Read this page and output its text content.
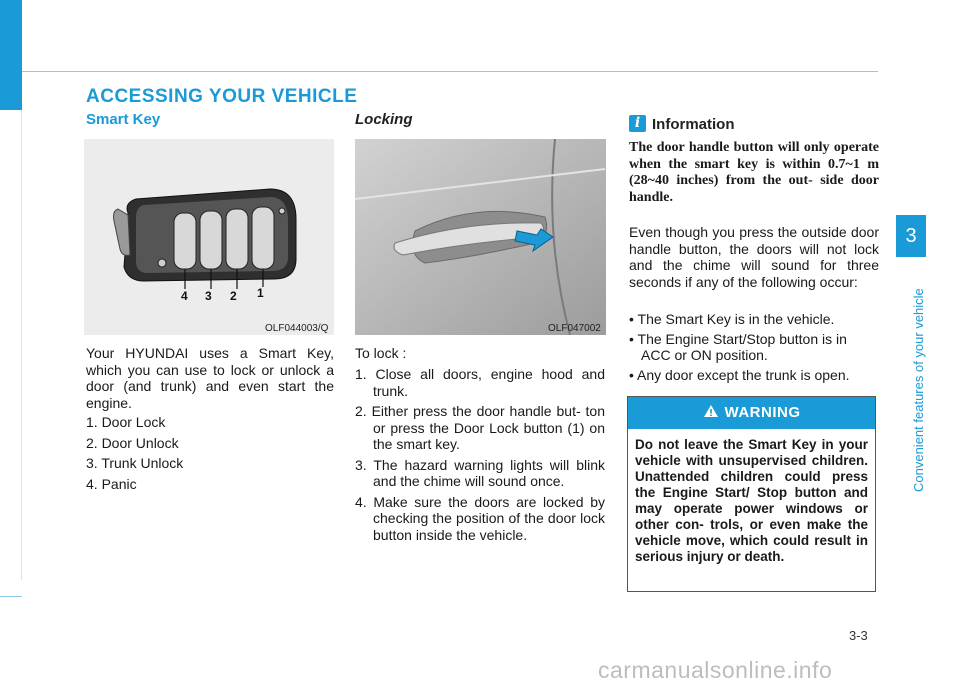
ACCESSING YOUR VEHICLE
Smart Key
4 3 2 1
OLF044003/Q
Your HYUNDAI uses a Smart Key, which you can use to lock or unlock a door (and trunk) and even start the engine.
1. Door Lock
2. Door Unlock
3. Trunk Unlock
4. Panic
Locking
OLF047002
To lock :
1. Close all doors, engine hood and trunk.
2. Either press the door handle but- ton or press the Door Lock button (1) on the smart key.
3. The hazard warning lights will blink and the chime will sound once.
4. Make sure the doors are locked by checking the position of the door lock button inside the vehicle.
i Information
The door handle button will only operate when the smart key is within 0.7~1 m (28~40 inches) from the out- side door handle.
Even though you press the outside door handle button, the doors will not lock and the chime will sound for three seconds if any of the following occur:
• The Smart Key is in the vehicle.
• The Engine Start/Stop button is in ACC or ON position.
• Any door except the trunk is open.
WARNING
Do not leave the Smart Key in your vehicle with unsupervised children. Unattended children could press the Engine Start/ Stop button and may operate power windows or other con- trols, or even make the vehicle move, which could result in serious injury or death.
3
Convenient features of your vehicle
3-3
carmanualsonline.info
